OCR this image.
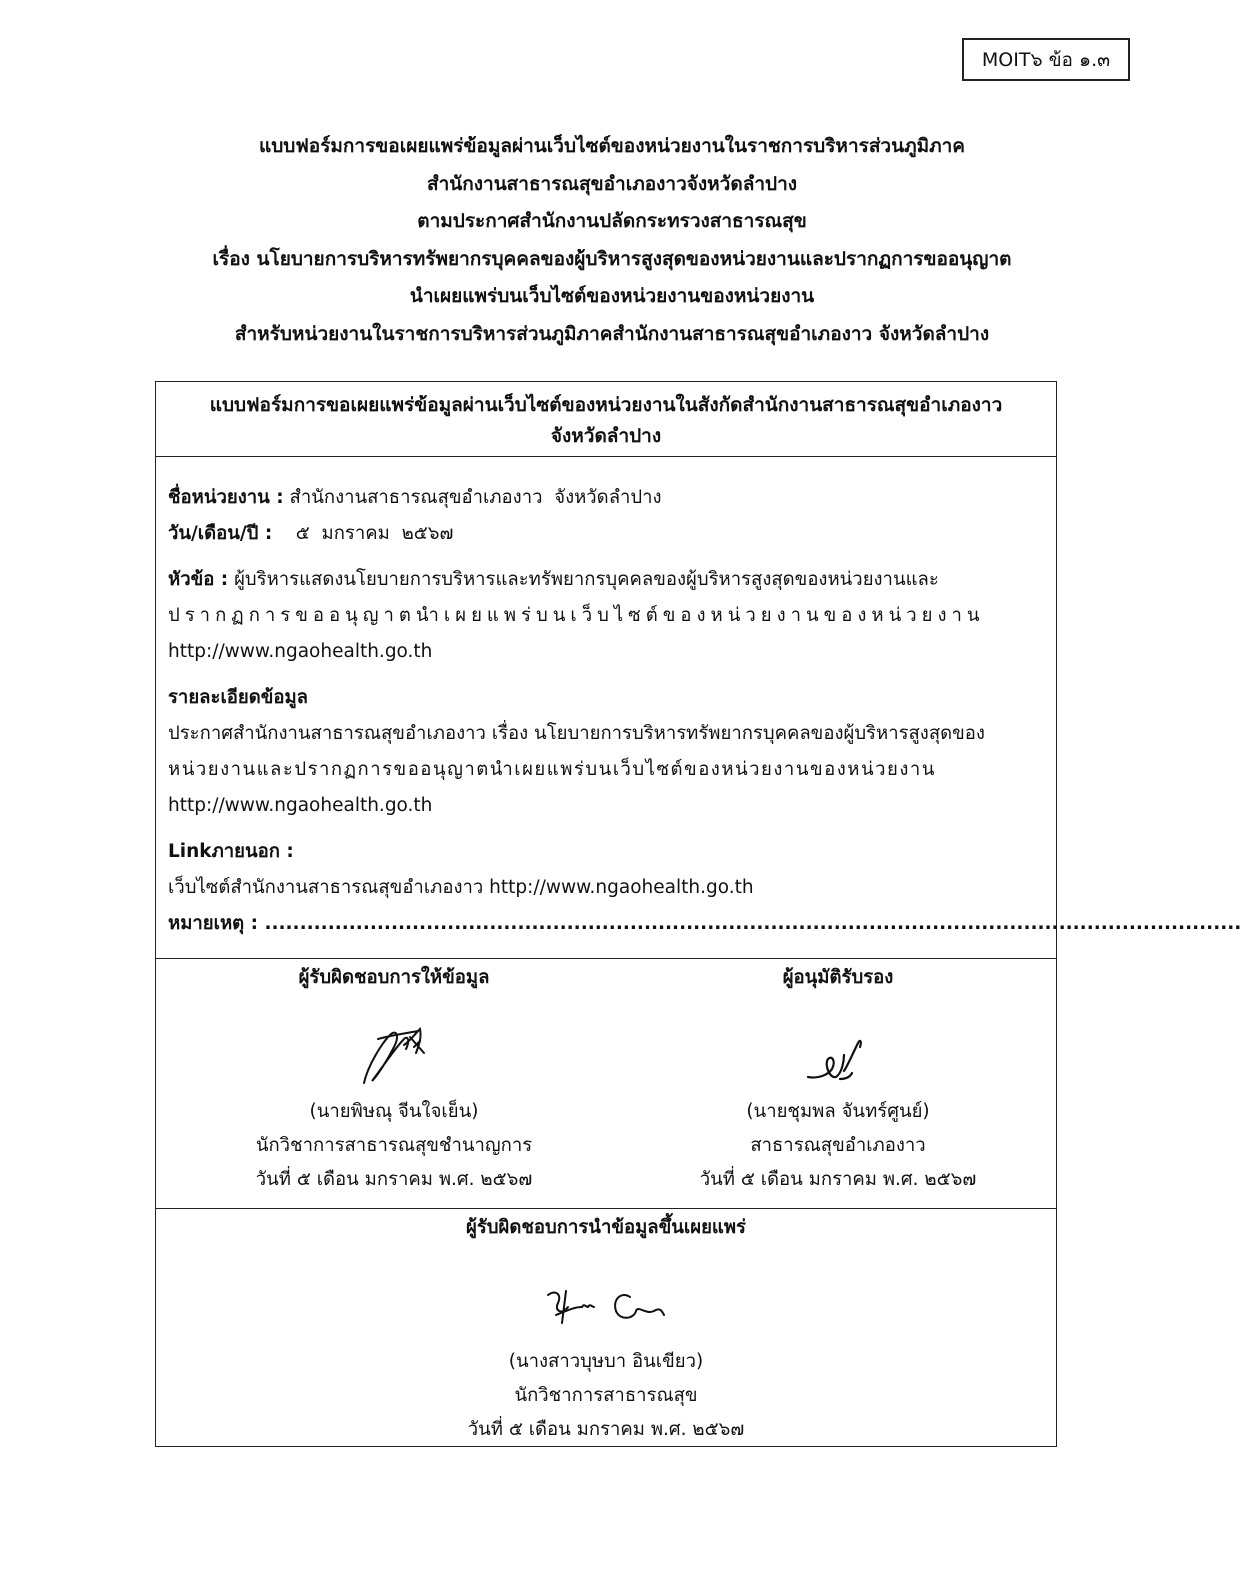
MOIT๖ ข้อ ๑.๓
แบบฟอร์มการขอเผยแพร่ข้อมูลผ่านเว็บไซต์ของหน่วยงานในราชการบริหารส่วนภูมิภาค
สำนักงานสาธารณสุขอำเภองาวจังหวัดลำปาง
ตามประกาศสำนักงานปลัดกระทรวงสาธารณสุข
เรื่อง นโยบายการบริหารทรัพยากรบุคคลของผู้บริหารสูงสุดของหน่วยงานและปรากฏการขออนุญาต
นำเผยแพร่บนเว็บไซต์ของหน่วยงานของหน่วยงาน
สำหรับหน่วยงานในราชการบริหารส่วนภูมิภาคสำนักงานสาธารณสุขอำเภองาว จังหวัดลำปาง
แบบฟอร์มการขอเผยแพร่ข้อมูลผ่านเว็บไซต์ของหน่วยงานในสังกัดสำนักงานสาธารณสุขอำเภองาว
จังหวัดลำปาง
ชื่อหน่วยงาน : สำนักงานสาธารณสุขอำเภองาว  จังหวัดลำปาง
วัน/เดือน/ปี :    ๕  มกราคม  ๒๕๖๗
หัวข้อ : ผู้บริหารแสดงนโยบายการบริหารและทรัพยากรบุคคลของผู้บริหารสูงสุดของหน่วยงานและ
ปรากฏการขออนุญาตนำเผยแพร่บนเว็บไซต์ของหน่วยงานของหน่วยงาน
http://www.ngaohealth.go.th
รายละเอียดข้อมูล
ประกาศสำนักงานสาธารณสุขอำเภองาว เรื่อง นโยบายการบริหารทรัพยากรบุคคลของผู้บริหารสูงสุดของ
หน่วยงานและปรากฏการขออนุญาตนำเผยแพร่บนเว็บไซต์ของหน่วยงานของหน่วยงาน
http://www.ngaohealth.go.th
Linkภายนอก :
เว็บไซต์สำนักงานสาธารณสุขอำเภองาว http://www.ngaohealth.go.th
หมายเหตุ : ...........................................................................................................................................
ผู้รับผิดชอบการให้ข้อมูล
(นายพิษณุ จีนใจเย็น)
นักวิชาการสาธารณสุขชำนาญการ
วันที่ ๕ เดือน มกราคม พ.ศ. ๒๕๖๗
ผู้อนุมัติรับรอง
(นายชุมพล จันทร์ศูนย์)
สาธารณสุขอำเภองาว
วันที่ ๕ เดือน มกราคม พ.ศ. ๒๕๖๗
ผู้รับผิดชอบการนำข้อมูลขึ้นเผยแพร่
(นางสาวบุษบา อินเขียว)
นักวิชาการสาธารณสุข
วันที่ ๕ เดือน มกราคม พ.ศ. ๒๕๖๗
